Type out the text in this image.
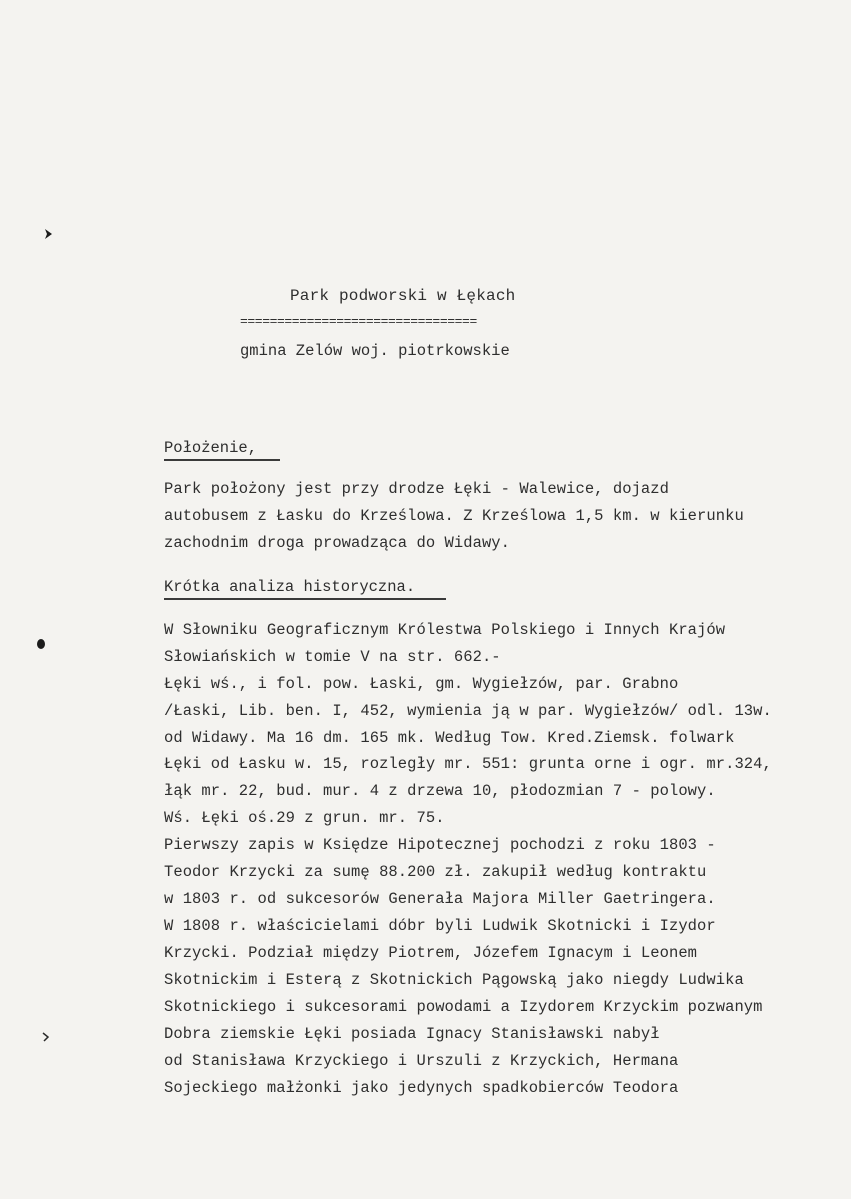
Park podworski w Łękach
================================
gmina Zelów woj. piotrkowskie
Położenie,
Park położony jest przy drodze Łęki - Walewice, dojazd
autobusem z Łasku do Krześlowa. Z Krześlowa 1,5 km. w kierunku
zachodnim droga prowadząca do Widawy.
Krótka analiza historyczna.
W Słowniku Geograficznym Królestwa Polskiego i Innych Krajów
Słowiańskich w tomie V na str. 662.-
Łęki wś., i fol. pow. Łaski, gm. Wygiełzów, par. Grabno
/Łaski, Lib. ben. I, 452, wymienia ją w par. Wygiełzów/ odl. 13w.
od Widawy. Ma 16 dm. 165 mk. Według Tow. Kred.Ziemsk. folwark
Łęki od Łasku w. 15, rozległy mr. 551: grunta orne i ogr. mr.324,
łąk mr. 22, bud. mur. 4 z drzewa 10, płodozmian 7 - polowy.
Wś. Łęki oś.29 z grun. mr. 75.
Pierwszy zapis w Księdze Hipotecznej pochodzi z roku 1803 -
Teodor Krzycki za sumę 88.200 zł. zakupił według kontraktu
w 1803 r. od sukcesorów Generała Majora Miller Gaetringera.
W 1808 r. właścicielami dóbr byli Ludwik Skotnicki i Izydor
Krzycki. Podział między Piotrem, Józefem Ignacym i Leonem
Skotnickim i Esterą z Skotnickich Pągowską jako niegdy Ludwika
Skotnickiego i sukcesorami powodami a Izydorem Krzyckim pozwanym
Dobra ziemskie Łęki posiada Ignacy Stanisławski nabył
od Stanisława Krzyckiego i Urszuli z Krzyckich, Hermana
Sojeckiego małżonki jako jedynych spadkobierców Teodora
